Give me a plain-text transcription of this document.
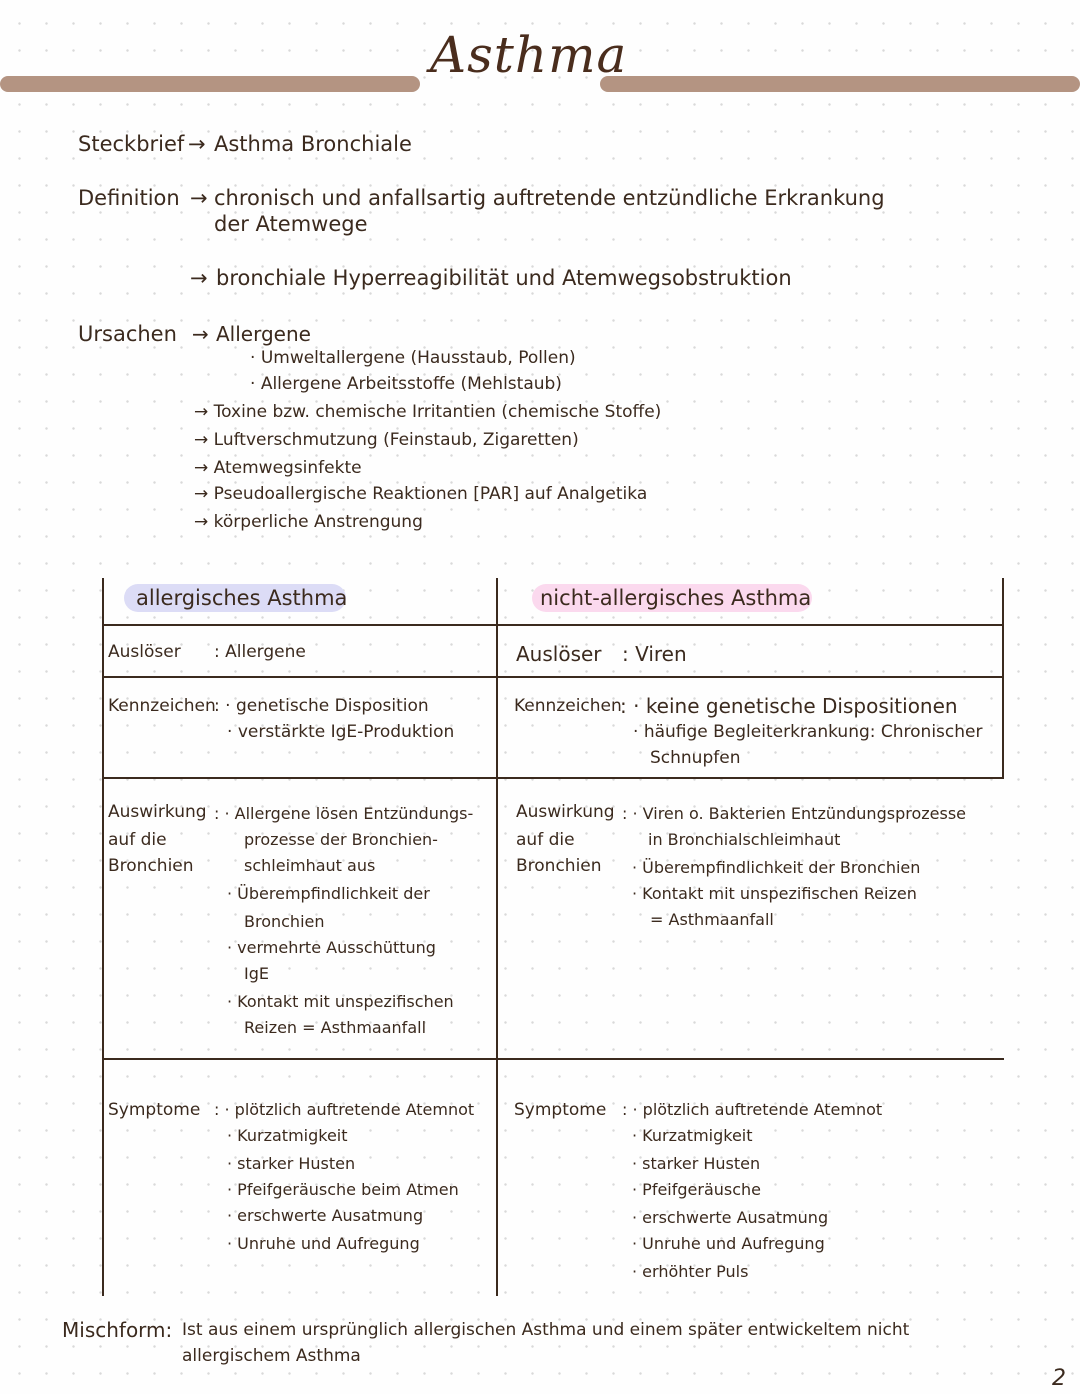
Asthma
Steckbrief → Asthma Bronchiale
Definition → chronisch und anfallsartig auftretende entzündliche Erkrankung
der Atemwege
→ bronchiale Hyperreagibilität und Atemwegsobstruktion
Ursachen → Allergene
· Umweltallergene (Hausstaub, Pollen)
· Allergene Arbeitsstoffe (Mehlstaub)
→ Toxine bzw. chemische Irritantien (chemische Stoffe)
→ Luftverschmutzung (Feinstaub, Zigaretten)
→ Atemwegsinfekte
→ Pseudoallergische Reaktionen [PAR] auf Analgetika
→ körperliche Anstrengung
allergisches Asthma	nicht-allergisches Asthma
Auslöser : Allergene	Auslöser : Viren
Kennzeichen
: · genetische Disposition
· verstärkte IgE-Produktion
Kennzeichen
: · keine genetische Dispositionen
· häufige Begleiterkrankung: Chronischer
Schnupfen
Auswirkung
auf die
Bronchien
: · Allergene lösen Entzündungs-
prozesse der Bronchien-
schleimhaut aus
· Überempfindlichkeit der
Bronchien
· vermehrte Ausschüttung
IgE
· Kontakt mit unspezifischen
Reizen = Asthmaanfall
Auswirkung
auf die
Bronchien
: · Viren o. Bakterien Entzündungsprozesse
in Bronchialschleimhaut
· Überempfindlichkeit der Bronchien
· Kontakt mit unspezifischen Reizen
= Asthmaanfall
Symptome : · plötzlich auftretende Atemnot
· Kurzatmigkeit
· starker Husten
· Pfeifgeräusche beim Atmen
· erschwerte Ausatmung
· Unruhe und Aufregung
Symptome : · plötzlich auftretende Atemnot
· Kurzatmigkeit
· starker Husten
· Pfeifgeräusche
· erschwerte Ausatmung
· Unruhe und Aufregung
· erhöhter Puls
Mischform: Ist aus einem ursprünglich allergischen Asthma und einem später entwickeltem nicht
allergischem Asthma
2
